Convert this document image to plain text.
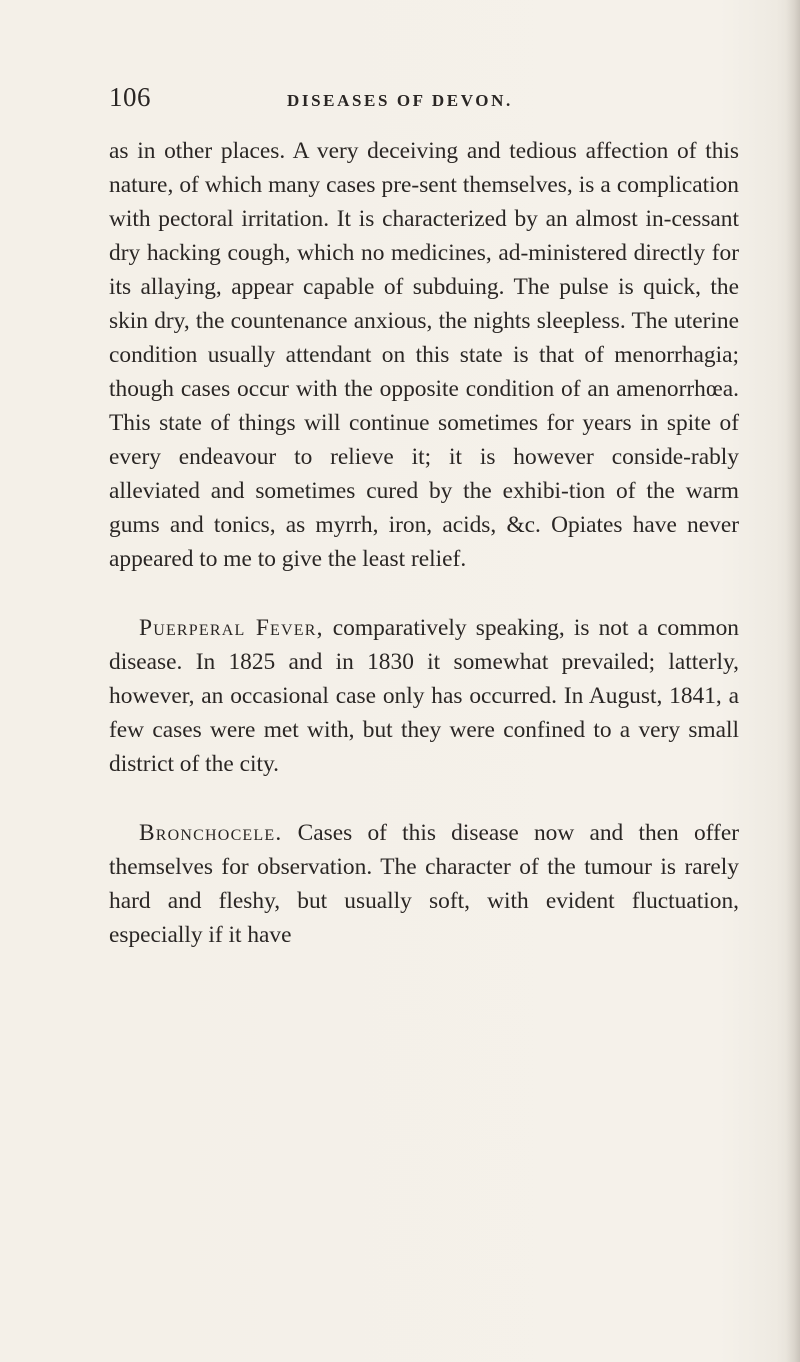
106	DISEASES OF DEVON.

as in other places. A very deceiving and tedious affection of this nature, of which many cases pre-sent themselves, is a complication with pectoral irritation. It is characterized by an almost in-cessant dry hacking cough, which no medicines, ad-ministered directly for its allaying, appear capable of subduing. The pulse is quick, the skin dry, the countenance anxious, the nights sleepless. The uterine condition usually attendant on this state is that of menorrhagia; though cases occur with the opposite condition of an amenorrhœa. This state of things will continue sometimes for years in spite of every endeavour to relieve it; it is however conside-rably alleviated and sometimes cured by the exhibi-tion of the warm gums and tonics, as myrrh, iron, acids, &c. Opiates have never appeared to me to give the least relief.

Puerperal Fever, comparatively speaking, is not a common disease. In 1825 and in 1830 it somewhat prevailed; latterly, however, an occasional case only has occurred. In August, 1841, a few cases were met with, but they were confined to a very small district of the city.

Bronchocele. Cases of this disease now and then offer themselves for observation. The character of the tumour is rarely hard and fleshy, but usually soft, with evident fluctuation, especially if it have
